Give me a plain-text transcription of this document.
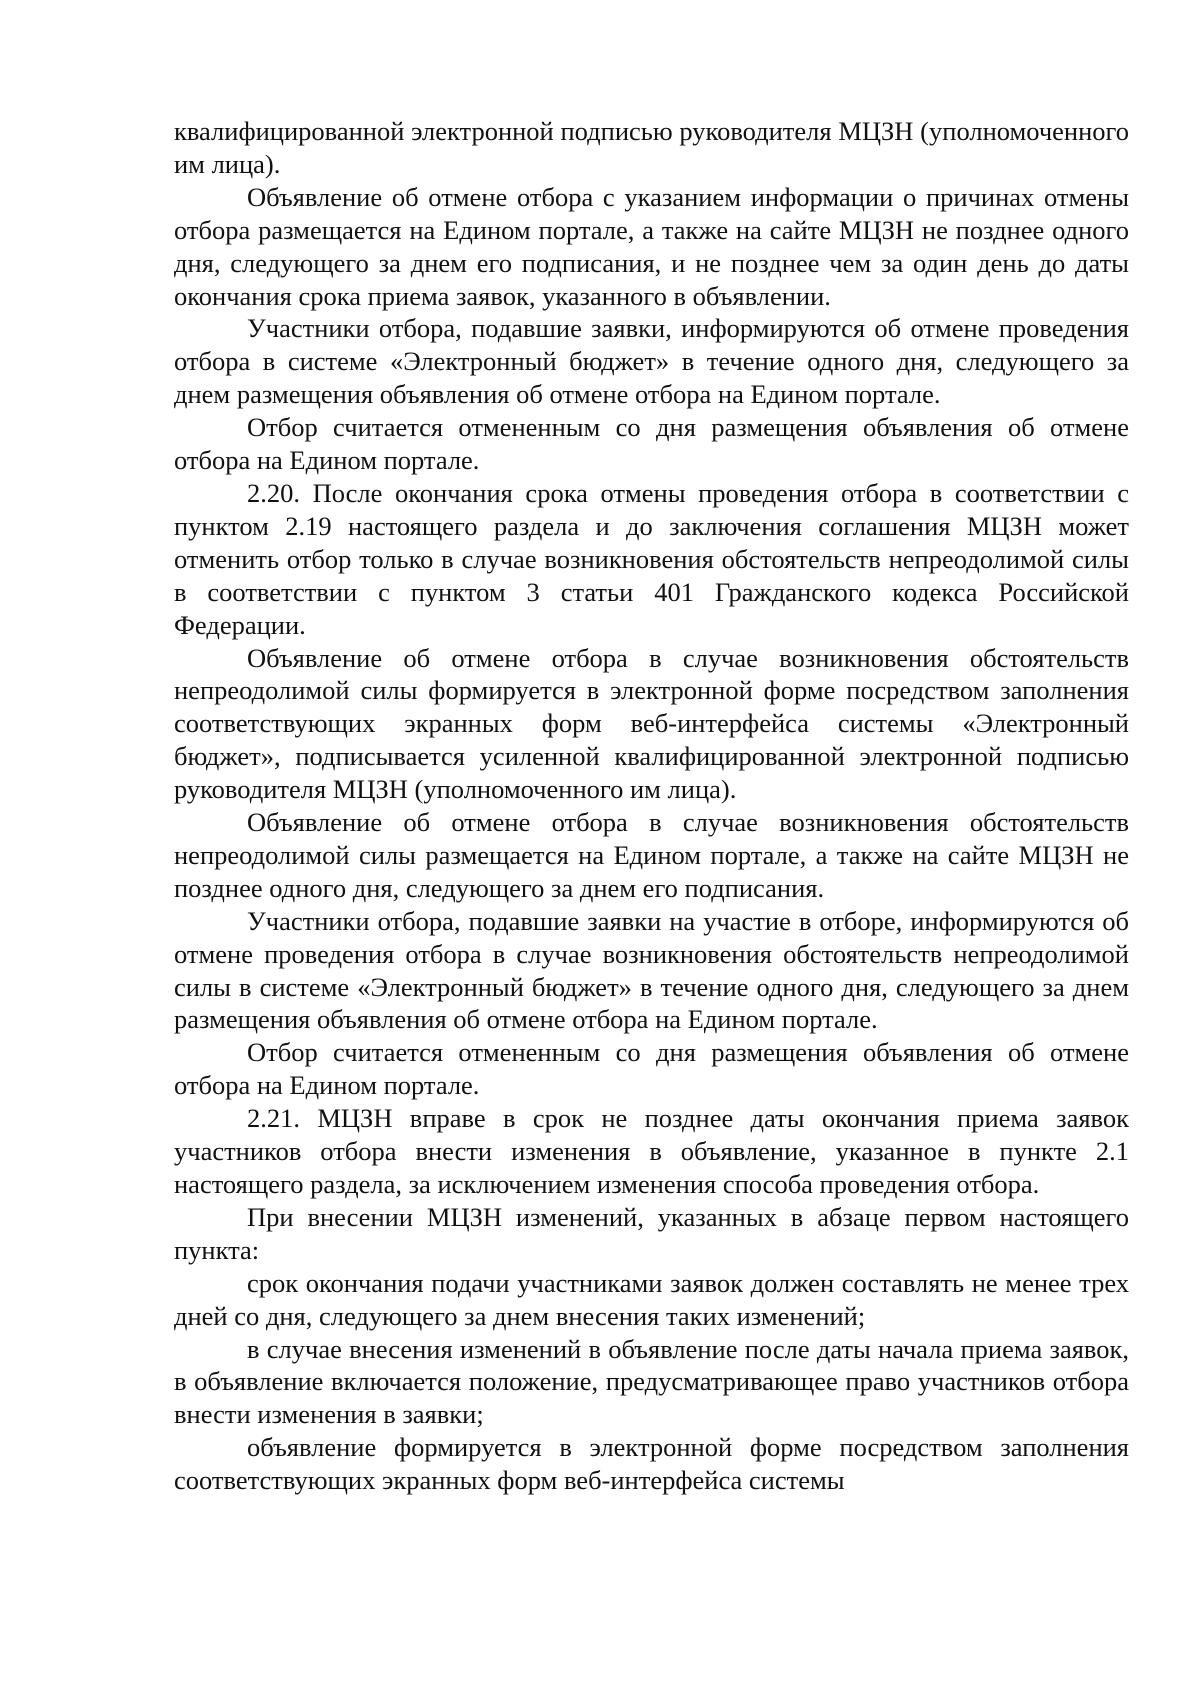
квалифицированной электронной подписью руководителя МЦЗН (уполномоченного им лица).

Объявление об отмене отбора с указанием информации о причинах отмены отбора размещается на Едином портале, а также на сайте МЦЗН не позднее одного дня, следующего за днем его подписания, и не позднее чем за один день до даты окончания срока приема заявок, указанного в объявлении.

Участники отбора, подавшие заявки, информируются об отмене проведения отбора в системе «Электронный бюджет» в течение одного дня, следующего за днем размещения объявления об отмене отбора на Едином портале.

Отбор считается отмененным со дня размещения объявления об отмене отбора на Едином портале.

2.20. После окончания срока отмены проведения отбора в соответствии с пунктом 2.19 настоящего раздела и до заключения соглашения МЦЗН может отменить отбор только в случае возникновения обстоятельств непреодолимой силы в соответствии с пунктом 3 статьи 401 Гражданского кодекса Российской Федерации.

Объявление об отмене отбора в случае возникновения обстоятельств непреодолимой силы формируется в электронной форме посредством заполнения соответствующих экранных форм веб-интерфейса системы «Электронный бюджет», подписывается усиленной квалифицированной электронной подписью руководителя МЦЗН (уполномоченного им лица).

Объявление об отмене отбора в случае возникновения обстоятельств непреодолимой силы размещается на Едином портале, а также на сайте МЦЗН не позднее одного дня, следующего за днем его подписания.

Участники отбора, подавшие заявки на участие в отборе, информируются об отмене проведения отбора в случае возникновения обстоятельств непреодолимой силы в системе «Электронный бюджет» в течение одного дня, следующего за днем размещения объявления об отмене отбора на Едином портале.

Отбор считается отмененным со дня размещения объявления об отмене отбора на Едином портале.

2.21. МЦЗН вправе в срок не позднее даты окончания приема заявок участников отбора внести изменения в объявление, указанное в пункте 2.1 настоящего раздела, за исключением изменения способа проведения отбора.

При внесении МЦЗН изменений, указанных в абзаце первом настоящего пункта:

срок окончания подачи участниками заявок должен составлять не менее трех дней со дня, следующего за днем внесения таких изменений;

в случае внесения изменений в объявление после даты начала приема заявок, в объявление включается положение, предусматривающее право участников отбора внести изменения в заявки;

объявление формируется в электронной форме посредством заполнения соответствующих экранных форм веб-интерфейса системы
